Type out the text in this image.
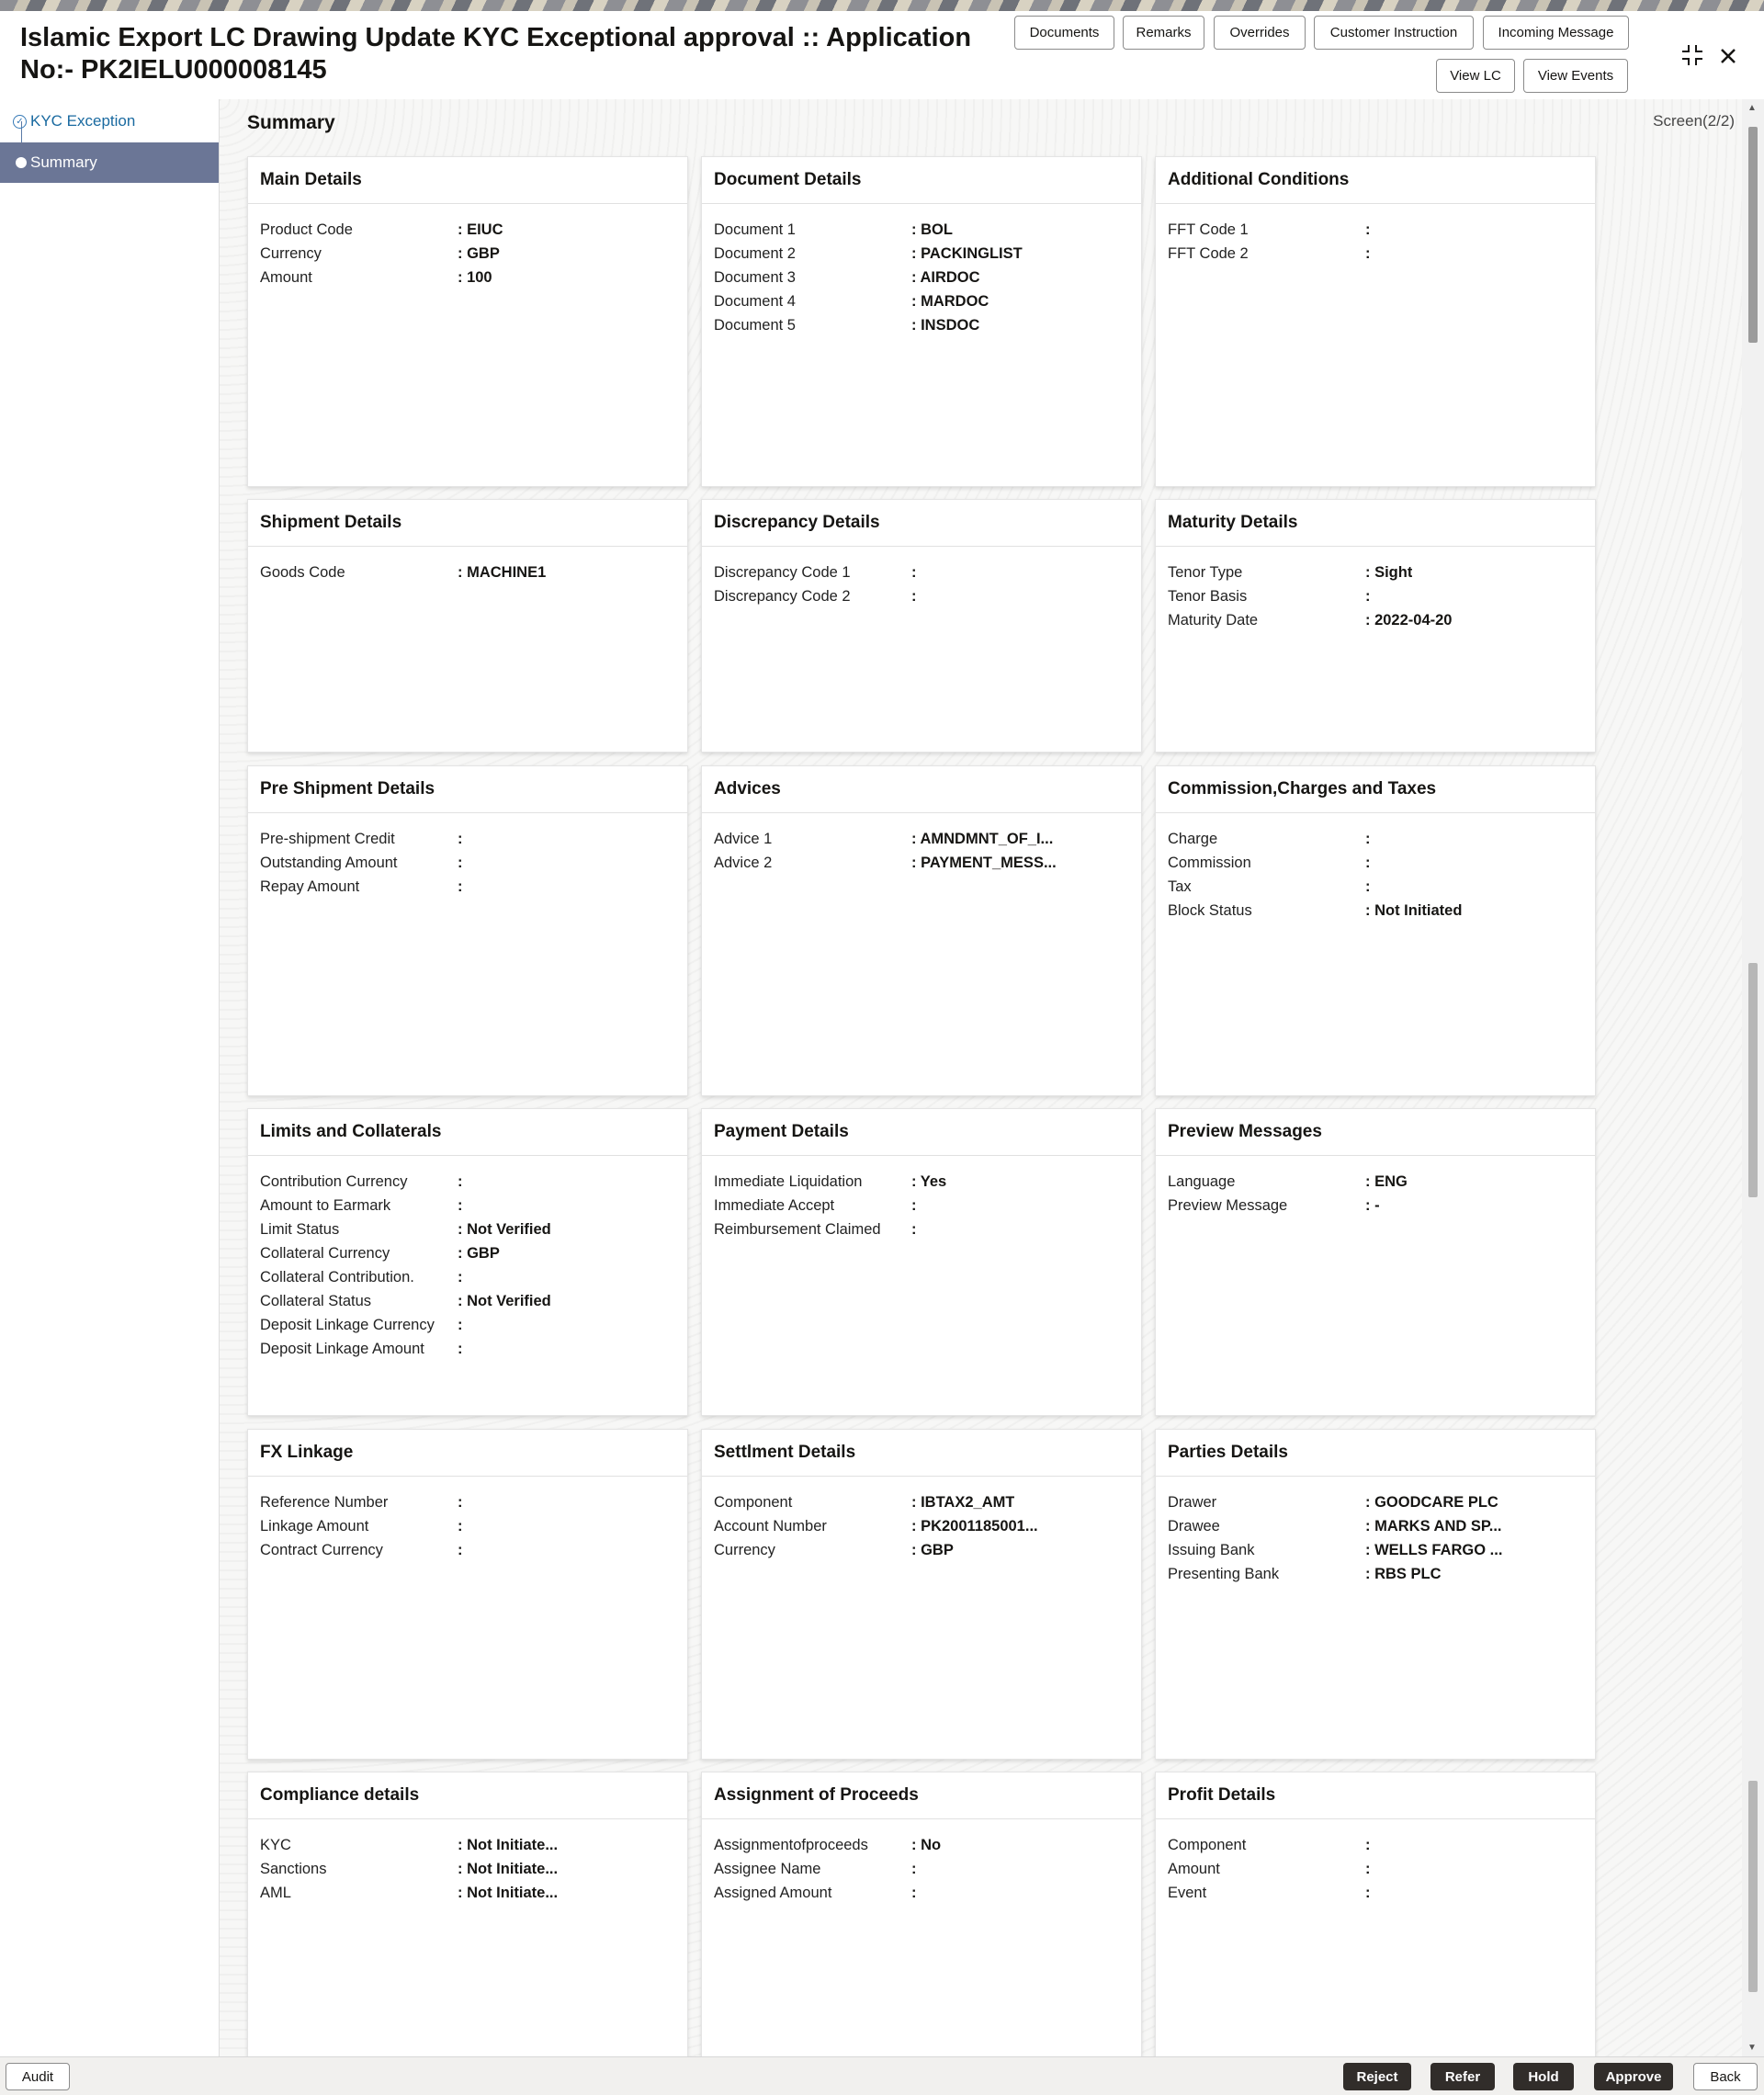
Islamic Export LC Drawing Update KYC Exceptional approval :: Application No:- PK2IELU000008145
Documents	Remarks	Overrides	Customer Instruction	Incoming Message
View LC	View Events
✓ KYC Exception
Summary
Summary	Screen(2/2)
Main Details
Product Code	: EIUC
Currency	: GBP
Amount	: 100
Document Details
Document 1	: BOL
Document 2	: PACKINGLIST
Document 3	: AIRDOC
Document 4	: MARDOC
Document 5	: INSDOC
Additional Conditions
FFT Code 1	:
FFT Code 2	:
Shipment Details
Goods Code	: MACHINE1
Discrepancy Details
Discrepancy Code 1	:
Discrepancy Code 2	:
Maturity Details
Tenor Type	: Sight
Tenor Basis	:
Maturity Date	: 2022-04-20
Pre Shipment Details
Pre-shipment Credit	:
Outstanding Amount	:
Repay Amount	:
Advices
Advice 1	: AMNDMNT_OF_I...
Advice 2	: PAYMENT_MESS...
Commission,Charges and Taxes
Charge	:
Commission	:
Tax	:
Block Status	: Not Initiated
Limits and Collaterals
Contribution Currency	:
Amount to Earmark	:
Limit Status	: Not Verified
Collateral Currency	: GBP
Collateral Contribution.	:
Collateral Status	: Not Verified
Deposit Linkage Currency	:
Deposit Linkage Amount	:
Payment Details
Immediate Liquidation	: Yes
Immediate Accept	:
Reimbursement Claimed	:
Preview Messages
Language	: ENG
Preview Message	: -
FX Linkage
Reference Number	:
Linkage Amount	:
Contract Currency	:
Settlment Details
Component	: IBTAX2_AMT
Account Number	: PK2001185001...
Currency	: GBP
Parties Details
Drawer	: GOODCARE PLC
Drawee	: MARKS AND SP...
Issuing Bank	: WELLS FARGO ...
Presenting Bank	: RBS PLC
Compliance details
KYC	: Not Initiate...
Sanctions	: Not Initiate...
AML	: Not Initiate...
Assignment of Proceeds
Assignmentofproceeds	: No
Assignee Name	:
Assigned Amount	:
Profit Details
Component	:
Amount	:
Event	:
▲
▼
Audit	Reject	Refer	Hold	Approve	Back
